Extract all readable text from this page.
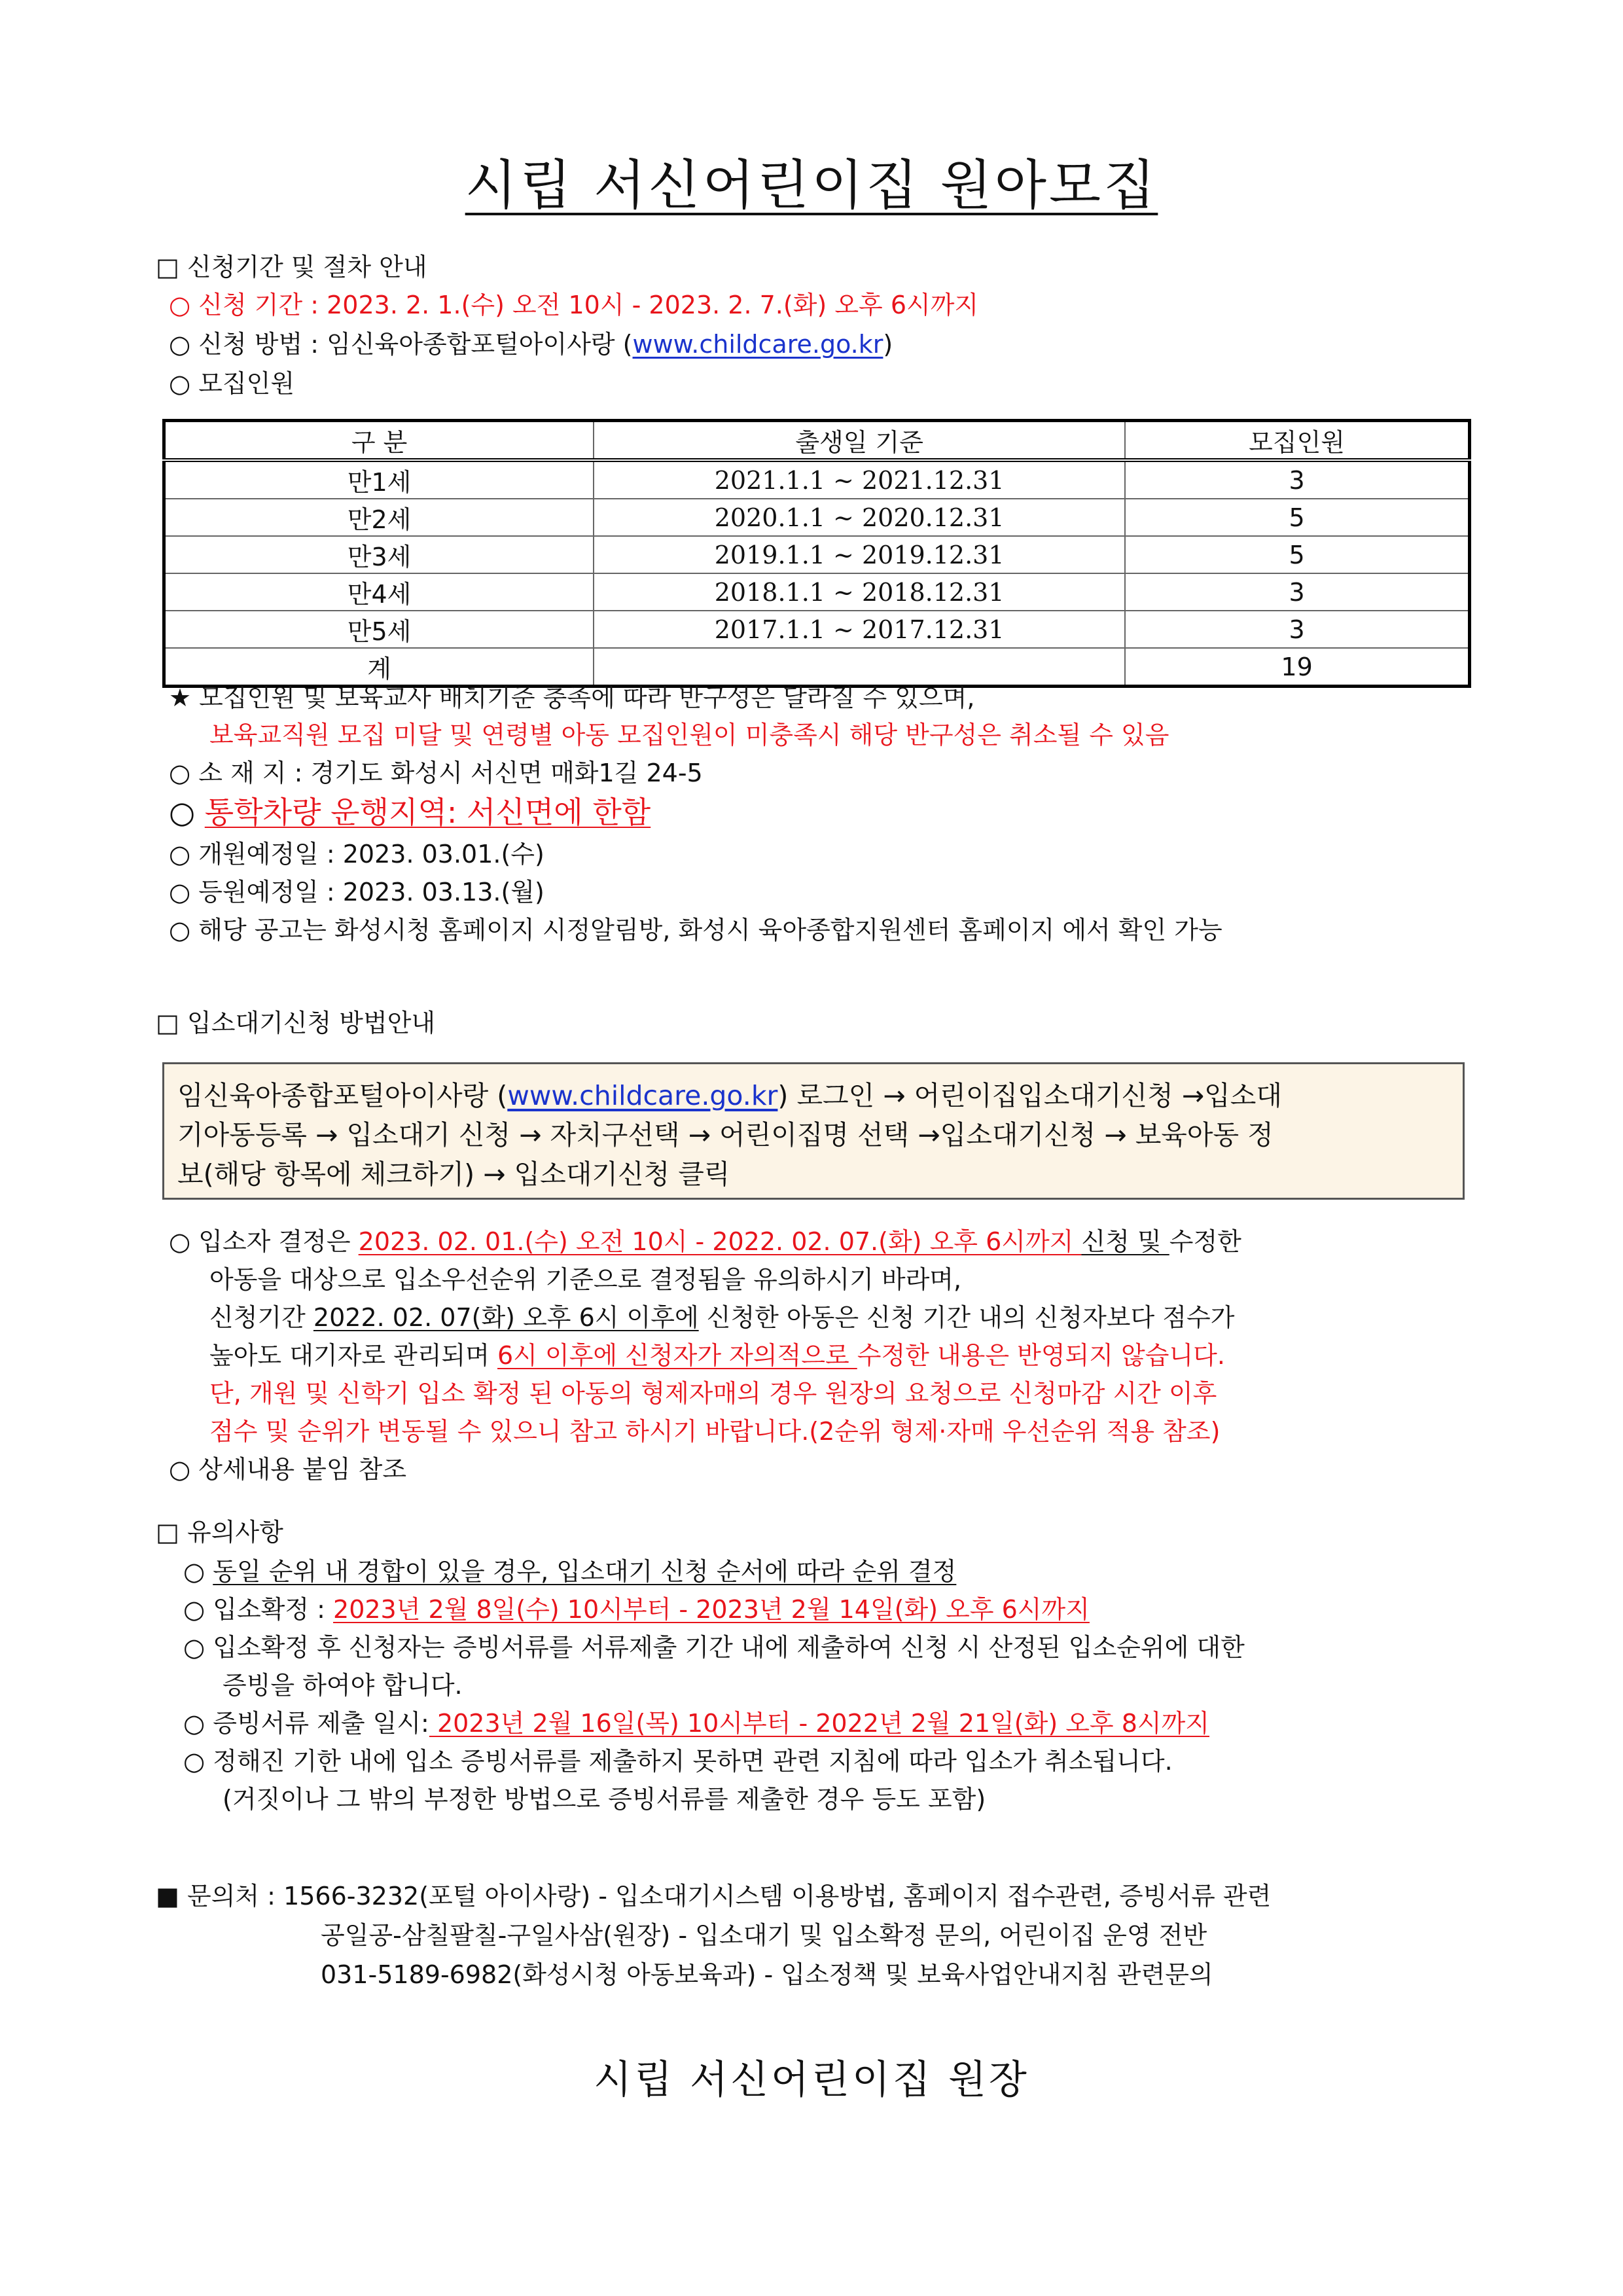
시립 서신어린이집 원아모집
□ 신청기간 및 절차 안내
○ 신청 기간 : 2023. 2. 1.(수) 오전 10시 - 2023. 2. 7.(화) 오후 6시까지
○ 신청 방법 : 임신육아종합포털아이사랑 (www.childcare.go.kr)
○ 모집인원
구 분	출생일 기준	모집인원
만1세	2021.1.1 ~ 2021.12.31	3
만2세	2020.1.1 ~ 2020.12.31	5
만3세	2019.1.1 ~ 2019.12.31	5
만4세	2018.1.1 ~ 2018.12.31	3
만5세	2017.1.1 ~ 2017.12.31	3
계		19
★ 모집인원 및 보육교사 배치기준 충족에 따라 반구성은 달라질 수 있으며,
보육교직원 모집 미달 및 연령별 아동 모집인원이 미충족시 해당 반구성은 취소될 수 있음
○ 소 재 지 : 경기도 화성시 서신면 매화1길 24-5
○ 통학차량 운행지역: 서신면에 한함
○ 개원예정일 : 2023. 03.01.(수)
○ 등원예정일 : 2023. 03.13.(월)
○ 해당 공고는 화성시청 홈페이지 시정알림방, 화성시 육아종합지원센터 홈페이지 에서 확인 가능
□ 입소대기신청 방법안내
임신육아종합포털아이사랑 (www.childcare.go.kr) 로그인 → 어린이집입소대기신청 →입소대
기아동등록 → 입소대기 신청 → 자치구선택 → 어린이집명 선택 →입소대기신청 → 보육아동 정
보(해당 항목에 체크하기) → 입소대기신청 클릭
○ 입소자 결정은 2023. 02. 01.(수) 오전 10시 - 2022. 02. 07.(화) 오후 6시까지 신청 및 수정한
아동을 대상으로 입소우선순위 기준으로 결정됨을 유의하시기 바라며,
신청기간 2022. 02. 07(화) 오후 6시 이후에 신청한 아동은 신청 기간 내의 신청자보다 점수가
높아도 대기자로 관리되며 6시 이후에 신청자가 자의적으로 수정한 내용은 반영되지 않습니다.
단, 개원 및 신학기 입소 확정 된 아동의 형제자매의 경우 원장의 요청으로 신청마감 시간 이후
점수 및 순위가 변동될 수 있으니 참고 하시기 바랍니다.(2순위 형제·자매 우선순위 적용 참조)
○ 상세내용 붙임 참조
□ 유의사항
○ 동일 순위 내 경합이 있을 경우, 입소대기 신청 순서에 따라 순위 결정
○ 입소확정 : 2023년 2월 8일(수) 10시부터 - 2023년 2월 14일(화) 오후 6시까지
○ 입소확정 후 신청자는 증빙서류를 서류제출 기간 내에 제출하여 신청 시 산정된 입소순위에 대한
증빙을 하여야 합니다.
○ 증빙서류 제출 일시: 2023년 2월 16일(목) 10시부터 - 2022년 2월 21일(화) 오후 8시까지
○ 정해진 기한 내에 입소 증빙서류를 제출하지 못하면 관련 지침에 따라 입소가 취소됩니다.
(거짓이나 그 밖의 부정한 방법으로 증빙서류를 제출한 경우 등도 포함)
■ 문의처 : 1566-3232(포털 아이사랑) - 입소대기시스템 이용방법, 홈페이지 접수관련, 증빙서류 관련
공일공-삼칠팔칠-구일사삼(원장) - 입소대기 및 입소확정 문의, 어린이집 운영 전반
031-5189-6982(화성시청 아동보육과) - 입소정책 및 보육사업안내지침 관련문의
시립 서신어린이집 원장
